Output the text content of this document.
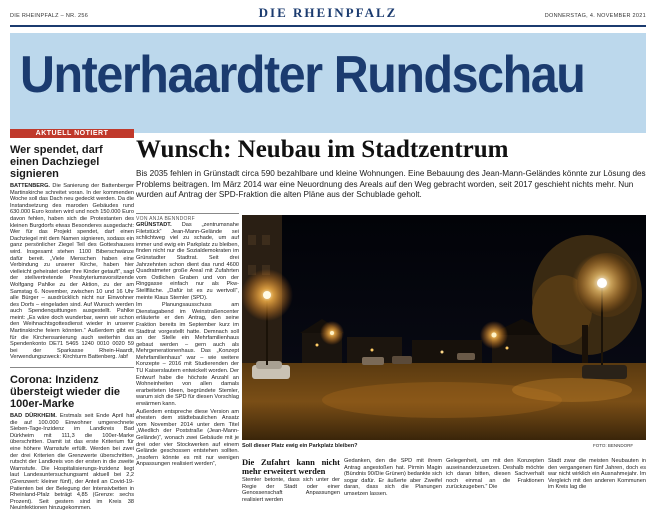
DIE RHEINPFALZ – NR. 256	DIE RHEINPFALZ	DONNERSTAG, 4. NOVEMBER 2021
Unterhaardter Rundschau
AKTUELL NOTIERT
Wer spendet, darf einen Dachziegel signieren

BATTENBERG. Die Sanierung der Battenberger Martinskirche schreitet voran. In der kommenden Woche soll das Dach neu gedeckt werden. Da die Instandsetzung des maroden Gebäudes rund 630.000 Euro kosten wird und noch 150.000 Euro davon fehlen, haben sich die Protestanten des kleinen Burgdorfs etwas Besonderes ausgedacht: Wer für das Projekt spendet, darf einen Dachziegel mit dem Namen signieren, sodass ein ganz persönlicher Ziegel Teil des Gotteshauses wird. Insgesamt stehen 1100 Biberschwänze dafür bereit. „Viele Menschen haben eine Verbindung zu unserer Kirche, haben hier vielleicht geheiratet oder ihre Kinder getauft“, sagt der stellvertretende Presbyteriumsvorsitzende Wolfgang Pahlke zu der Aktion, zu der am Samstag 6. November, zwischen 10 und 16 Uhr alle Bürger – ausdrücklich nicht nur Einwohner des Dorfs – eingeladen sind. Auf Wunsch werden auch Spendenquittungen ausgestellt. Pahlke meint: „Es wäre doch wunderbar, wenn wir schon den Weihnachtsgottesdienst wieder in unserer Martinskirche feiern könnten.“ Außerdem gibt es für die Kirchensanierung auch weiterhin das Spendenkonto DE71 5465 1240 0010 0020 59 bei der Sparkasse Rhein-Haardt, Verwendungszweck: Kirchturm Battenberg. /abf

Corona: Inzidenz übersteigt wieder die 100er-Marke

BAD DÜRKHEIM. Erstmals seit Ende April hat die auf 100.000 Einwohner umgerechnete Sieben-Tage-Inzidenz im Landkreis Bad Dürkheim mit 111,3 die 100er-Marke überschritten. Damit ist das erste Kriterium für eine höhere Warnstufe erfüllt. Werden bei zwei der drei Kriterien die Grenzwerte überschritten, rutscht der Landkreis von der ersten in die zweite Warnstufe. Die Hospitalisierungs-Inzidenz liegt laut Landesuntersuchungsamt aktuell bei 2,2 (Grenzwert: kleiner fünf), der Anteil an Covid-19-Patienten bei der Belegung der Intensivbetten in Rheinland-Pfalz beträgt 4,85 (Grenze: sechs Prozent). Seit gestern sind im Kreis 38 Neuinfektionen hinzugekommen.

Wunsch: Neubau im Stadtzentrum
Bis 2035 fehlen in Grünstadt circa 590 bezahlbare und kleine Wohnungen. Eine Bebauung des Jean-Mann-Geländes könnte zur Lösung des Problems beitragen. Im März 2014 war eine Neuordnung des Areals auf den Weg gebracht worden, seit 2017 geschieht nichts mehr. Nun wurden auf Antrag der SPD-Fraktion die alten Pläne aus der Schublade geholt.
VON ANJA BENNDORF

GRÜNSTADT. Das „zentrumsnahe Filetstück“ Jean-Mann-Gelände sei schlichtweg viel zu schade, um auf immer und ewig ein Parkplatz zu bleiben, finden nicht nur die Sozialdemokraten im Grünstadter Stadtrat. Seit drei Jahrzehnten schon dient das rund 4600 Quadratmeter große Areal mit Zufahrten vom Ostlichen Graben und von der Ringgasse einfach nur als Pkw-Stellfläche. „Dafür ist es zu wertvoll“, meinte Klaus Stemler (SPD).

Im Planungsausschuss am Dienstagabend im Weinstraßencenter erläuterte er den Antrag, den seine Fraktion bereits im September kurz im Stadtrat vorgestellt hatte. Demnach soll an der Stelle ein Mehrfamilienhaus gebaut werden – gern auch als Mehrgenerationenhaus. Das „Konzept Mehrfamilienhaus“ war – wie weitere Konzepte – 2016 mit Studierenden der TU Kaiserslautern entwickelt worden. Der Entwurf habe die höchste Anzahl an Wohneinheiten von allen damals erarbeiteten Ideen, begründete Stemler, warum sich die SPD für diesen Vorschlag erwärmen kann.

Außerdem entspreche diese Version am ehesten dem städtebaulichen Ansatz vom November 2014 unter dem Titel „Wiedlich der Poststraße (Jean-Mann-Gelände)“, wonach zwei Gebäude mit je drei oder vier Stockwerken auf einem Gelände geschossen entstehen sollten. „Insofern könnte es mit nur wenigen Anpassungen realisiert werden“,

Soll dieser Platz ewig ein Parkplatz bleiben?	FOTO: BENNDORF
Die Zufahrt kann nicht mehr erweitert werden
Stemler betonte, dass sich unter der Regie der Stadt oder einer Genossenschaft Anpassungen realisiert werden
Gedanken, den die SPD mit ihrem Antrag angestoßen hat. Pirmin Magin (Bündnis 90/Die Grünen) bedankte sich sogar dafür. Er äußerte aber Zweifel daran, dass sich die Planungen umsetzen lassen.
Gelegenheit, um mit den Konzepten auseinanderzusetzen. Deshalb möchte ich daran bitten, diesen Sachverhalt noch einmal an die Fraktionen zurückzugeben.“ Die
Stadt zwar die meisten Neubauten in den vergangenen fünf Jahren, doch es war nicht wirklich ein Ausnahmejahr. Im Vergleich mit den anderen Kommunen im Kreis lag die
